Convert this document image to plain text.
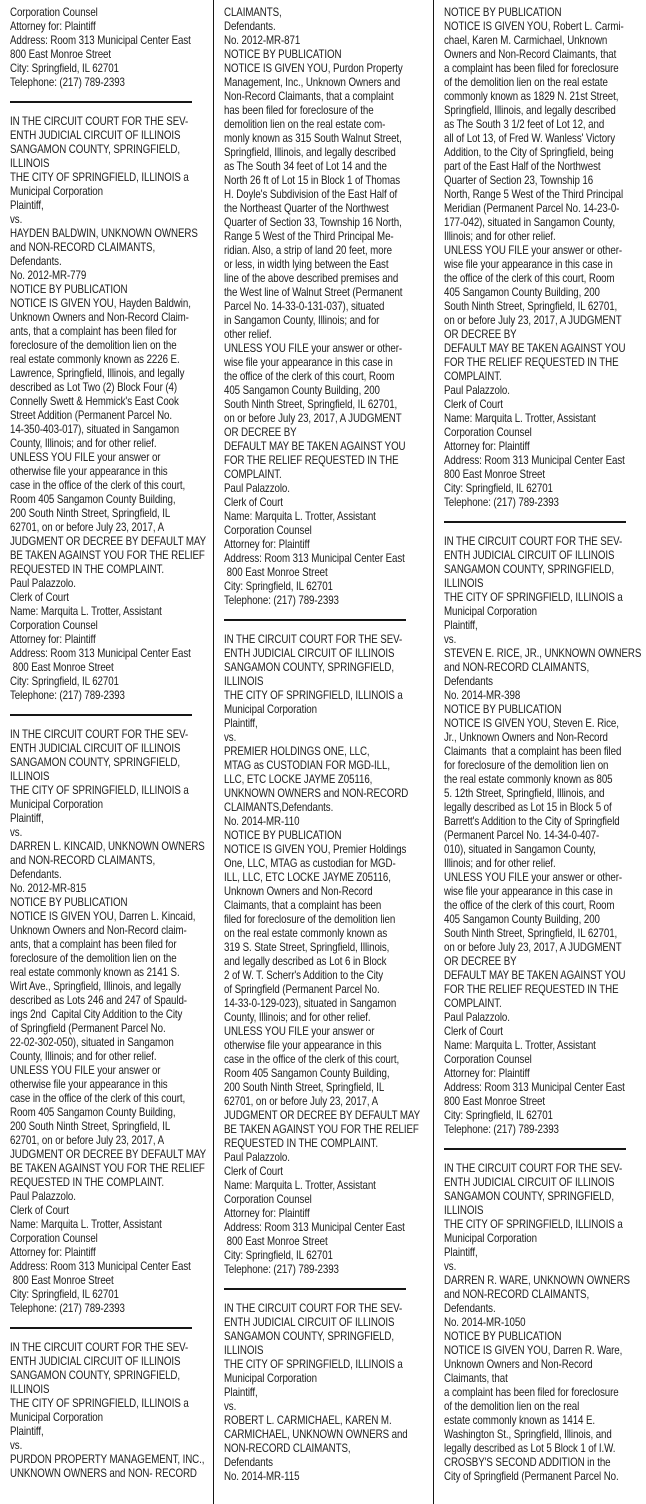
Corporation Counsel
Attorney for: Plaintiff
Address: Room 313 Municipal Center East
800 East Monroe Street
City: Springfield, IL 62701
Telephone: (217) 789-2393
IN THE CIRCUIT COURT FOR THE SEV-
ENTH JUDICIAL CIRCUIT OF ILLINOIS
SANGAMON COUNTY, SPRINGFIELD,
ILLINOIS
THE CITY OF SPRINGFIELD, ILLINOIS a
Municipal Corporation
Plaintiff,
vs.
HAYDEN BALDWIN, UNKNOWN OWNERS
and NON-RECORD CLAIMANTS,
Defendants.
No. 2012-MR-779
NOTICE BY PUBLICATION
NOTICE IS GIVEN YOU, Hayden Baldwin,
Unknown Owners and Non-Record Claim-
ants, that a complaint has been filed for
foreclosure of the demolition lien on the
real estate commonly known as 2226 E.
Lawrence, Springfield, Illinois, and legally
described as Lot Two (2) Block Four (4)
Connelly Swett & Hemmick's East Cook
Street Addition (Permanent Parcel No.
14-350-403-017), situated in Sangamon
County, Illinois; and for other relief.
UNLESS YOU FILE your answer or
otherwise file your appearance in this
case in the office of the clerk of this court,
Room 405 Sangamon County Building,
200 South Ninth Street, Springfield, IL
62701, on or before July 23, 2017, A
JUDGMENT OR DECREE BY DEFAULT MAY
BE TAKEN AGAINST YOU FOR THE RELIEF
REQUESTED IN THE COMPLAINT.
Paul Palazzolo.
Clerk of Court
Name: Marquita L. Trotter, Assistant
Corporation Counsel
Attorney for: Plaintiff
Address: Room 313 Municipal Center East
800 East Monroe Street
City: Springfield, IL 62701
Telephone: (217) 789-2393
IN THE CIRCUIT COURT FOR THE SEV-
ENTH JUDICIAL CIRCUIT OF ILLINOIS
SANGAMON COUNTY, SPRINGFIELD,
ILLINOIS
THE CITY OF SPRINGFIELD, ILLINOIS a
Municipal Corporation
Plaintiff,
vs.
DARREN L. KINCAID, UNKNOWN OWNERS
and NON-RECORD CLAIMANTS,
Defendants.
No. 2012-MR-815
NOTICE BY PUBLICATION
NOTICE IS GIVEN YOU, Darren L. Kincaid,
Unknown Owners and Non-Record claim-
ants, that a complaint has been filed for
foreclosure of the demolition lien on the
real estate commonly known as 2141 S.
Wirt Ave., Springfield, Illinois, and legally
described as Lots 246 and 247 of Spauld-
ings 2nd  Capital City Addition to the City
of Springfield (Permanent Parcel No.
22-02-302-050), situated in Sangamon
County, Illinois; and for other relief.
UNLESS YOU FILE your answer or
otherwise file your appearance in this
case in the office of the clerk of this court,
Room 405 Sangamon County Building,
200 South Ninth Street, Springfield, IL
62701, on or before July 23, 2017, A
JUDGMENT OR DECREE BY DEFAULT MAY
BE TAKEN AGAINST YOU FOR THE RELIEF
REQUESTED IN THE COMPLAINT.
Paul Palazzolo.
Clerk of Court
Name: Marquita L. Trotter, Assistant
Corporation Counsel
Attorney for: Plaintiff
Address: Room 313 Municipal Center East
800 East Monroe Street
City: Springfield, IL 62701
Telephone: (217) 789-2393
IN THE CIRCUIT COURT FOR THE SEV-
ENTH JUDICIAL CIRCUIT OF ILLINOIS
SANGAMON COUNTY, SPRINGFIELD,
ILLINOIS
THE CITY OF SPRINGFIELD, ILLINOIS a
Municipal Corporation
Plaintiff,
vs.
PURDON PROPERTY MANAGEMENT, INC.,
UNKNOWN OWNERS and NON- RECORD
CLAIMANTS,
Defendants.
No. 2012-MR-871
NOTICE BY PUBLICATION
NOTICE IS GIVEN YOU, Purdon Property
Management, Inc., Unknown Owners and
Non-Record Claimants, that a complaint
has been filed for foreclosure of the
demolition lien on the real estate com-
monly known as 315 South Walnut Street,
Springfield, Illinois, and legally described
as The South 34 feet of Lot 14 and the
North 26 ft of Lot 15 in Block 1 of Thomas
H. Doyle's Subdivision of the East Half of
the Northeast Quarter of the Northwest
Quarter of Section 33, Township 16 North,
Range 5 West of the Third Principal Me-
ridian. Also, a strip of land 20 feet, more
or less, in width lying between the East
line of the above described premises and
the West line of Walnut Street (Permanent
Parcel No. 14-33-0-131-037), situated
in Sangamon County, Illinois; and for
other relief.
UNLESS YOU FILE your answer or other-
wise file your appearance in this case in
the office of the clerk of this court, Room
405 Sangamon County Building, 200
South Ninth Street, Springfield, IL 62701,
on or before July 23, 2017, A JUDGMENT
OR DECREE BY
DEFAULT MAY BE TAKEN AGAINST YOU
FOR THE RELIEF REQUESTED IN THE
COMPLAINT.
Paul Palazzolo.
Clerk of Court
Name: Marquita L. Trotter, Assistant
Corporation Counsel
Attorney for: Plaintiff
Address: Room 313 Municipal Center East
800 East Monroe Street
City: Springfield, IL 62701
Telephone: (217) 789-2393
IN THE CIRCUIT COURT FOR THE SEV-
ENTH JUDICIAL CIRCUIT OF ILLINOIS
SANGAMON COUNTY, SPRINGFIELD,
ILLINOIS
THE CITY OF SPRINGFIELD, ILLINOIS a
Municipal Corporation
Plaintiff,
vs.
PREMIER HOLDINGS ONE, LLC,
MTAG as CUSTODIAN FOR MGD-ILL,
LLC, ETC LOCKE JAYME Z05116,
UNKNOWN OWNERS and NON-RECORD
CLAIMANTS,Defendants.
No. 2014-MR-110
NOTICE BY PUBLICATION
NOTICE IS GIVEN YOU, Premier Holdings
One, LLC, MTAG as custodian for MGD-
ILL, LLC, ETC LOCKE JAYME Z05116,
Unknown Owners and Non-Record
Claimants, that a complaint has been
filed for foreclosure of the demolition lien
on the real estate commonly known as
319 S. State Street, Springfield, Illinois,
and legally described as Lot 6 in Block
2 of W. T. Scherr's Addition to the City
of Springfield (Permanent Parcel No.
14-33-0-129-023), situated in Sangamon
County, Illinois; and for other relief.
UNLESS YOU FILE your answer or
otherwise file your appearance in this
case in the office of the clerk of this court,
Room 405 Sangamon County Building,
200 South Ninth Street, Springfield, IL
62701, on or before July 23, 2017, A
JUDGMENT OR DECREE BY DEFAULT MAY
BE TAKEN AGAINST YOU FOR THE RELIEF
REQUESTED IN THE COMPLAINT.
Paul Palazzolo.
Clerk of Court
Name: Marquita L. Trotter, Assistant
Corporation Counsel
Attorney for: Plaintiff
Address: Room 313 Municipal Center East
800 East Monroe Street
City: Springfield, IL 62701
Telephone: (217) 789-2393
IN THE CIRCUIT COURT FOR THE SEV-
ENTH JUDICIAL CIRCUIT OF ILLINOIS
SANGAMON COUNTY, SPRINGFIELD,
ILLINOIS
THE CITY OF SPRINGFIELD, ILLINOIS a
Municipal Corporation
Plaintiff,
vs.
ROBERT L. CARMICHAEL, KAREN M.
CARMICHAEL, UNKNOWN OWNERS and
NON-RECORD CLAIMANTS,
Defendants
No. 2014-MR-115
NOTICE BY PUBLICATION
NOTICE IS GIVEN YOU, Robert L. Carmi-
chael, Karen M. Carmichael, Unknown
Owners and Non-Record Claimants, that
a complaint has been filed for foreclosure
of the demolition lien on the real estate
commonly known as 1829 N. 21st Street,
Springfield, Illinois, and legally described
as The South 3 1/2 feet of Lot 12, and
all of Lot 13, of Fred W. Wanless' Victory
Addition, to the City of Springfield, being
part of the East Half of the Northwest
Quarter of Section 23, Township 16
North, Range 5 West of the Third Principal
Meridian (Permanent Parcel No. 14-23-0-
177-042), situated in Sangamon County,
Illinois; and for other relief.
UNLESS YOU FILE your answer or other-
wise file your appearance in this case in
the office of the clerk of this court, Room
405 Sangamon County Building, 200
South Ninth Street, Springfield, IL 62701,
on or before July 23, 2017, A JUDGMENT
OR DECREE BY
DEFAULT MAY BE TAKEN AGAINST YOU
FOR THE RELIEF REQUESTED IN THE
COMPLAINT.
Paul Palazzolo.
Clerk of Court
Name: Marquita L. Trotter, Assistant
Corporation Counsel
Attorney for: Plaintiff
Address: Room 313 Municipal Center East
800 East Monroe Street
City: Springfield, IL 62701
Telephone: (217) 789-2393
IN THE CIRCUIT COURT FOR THE SEV-
ENTH JUDICIAL CIRCUIT OF ILLINOIS
SANGAMON COUNTY, SPRINGFIELD,
ILLINOIS
THE CITY OF SPRINGFIELD, ILLINOIS a
Municipal Corporation
Plaintiff,
vs.
STEVEN E. RICE, JR., UNKNOWN OWNERS
and NON-RECORD CLAIMANTS,
Defendants
No. 2014-MR-398
NOTICE BY PUBLICATION
NOTICE IS GIVEN YOU, Steven E. Rice,
Jr., Unknown Owners and Non-Record
Claimants  that a complaint has been filed
for foreclosure of the demolition lien on
the real estate commonly known as 805
5. 12th Street, Springfield, Illinois, and
legally described as Lot 15 in Block 5 of
Barrett's Addition to the City of Springfield
(Permanent Parcel No. 14-34-0-407-
010), situated in Sangamon County,
Illinois; and for other relief.
UNLESS YOU FILE your answer or other-
wise file your appearance in this case in
the office of the clerk of this court, Room
405 Sangamon County Building, 200
South Ninth Street, Springfield, IL 62701,
on or before July 23, 2017, A JUDGMENT
OR DECREE BY
DEFAULT MAY BE TAKEN AGAINST YOU
FOR THE RELIEF REQUESTED IN THE
COMPLAINT.
Paul Palazzolo.
Clerk of Court
Name: Marquita L. Trotter, Assistant
Corporation Counsel
Attorney for: Plaintiff
Address: Room 313 Municipal Center East
800 East Monroe Street
City: Springfield, IL 62701
Telephone: (217) 789-2393
IN THE CIRCUIT COURT FOR THE SEV-
ENTH JUDICIAL CIRCUIT OF ILLINOIS
SANGAMON COUNTY, SPRINGFIELD,
ILLINOIS
THE CITY OF SPRINGFIELD, ILLINOIS a
Municipal Corporation
Plaintiff,
vs.
DARREN R. WARE, UNKNOWN OWNERS
and NON-RECORD CLAIMANTS,
Defendants.
No. 2014-MR-1050
NOTICE BY PUBLICATION
NOTICE IS GIVEN YOU, Darren R. Ware,
Unknown Owners and Non-Record
Claimants, that
a complaint has been filed for foreclosure
of the demolition lien on the real
estate commonly known as 1414 E.
Washington St., Springfield, Illinois, and
legally described as Lot 5 Block 1 of I.W.
CROSBY'S SECOND ADDITION in the
City of Springfield (Permanent Parcel No.
